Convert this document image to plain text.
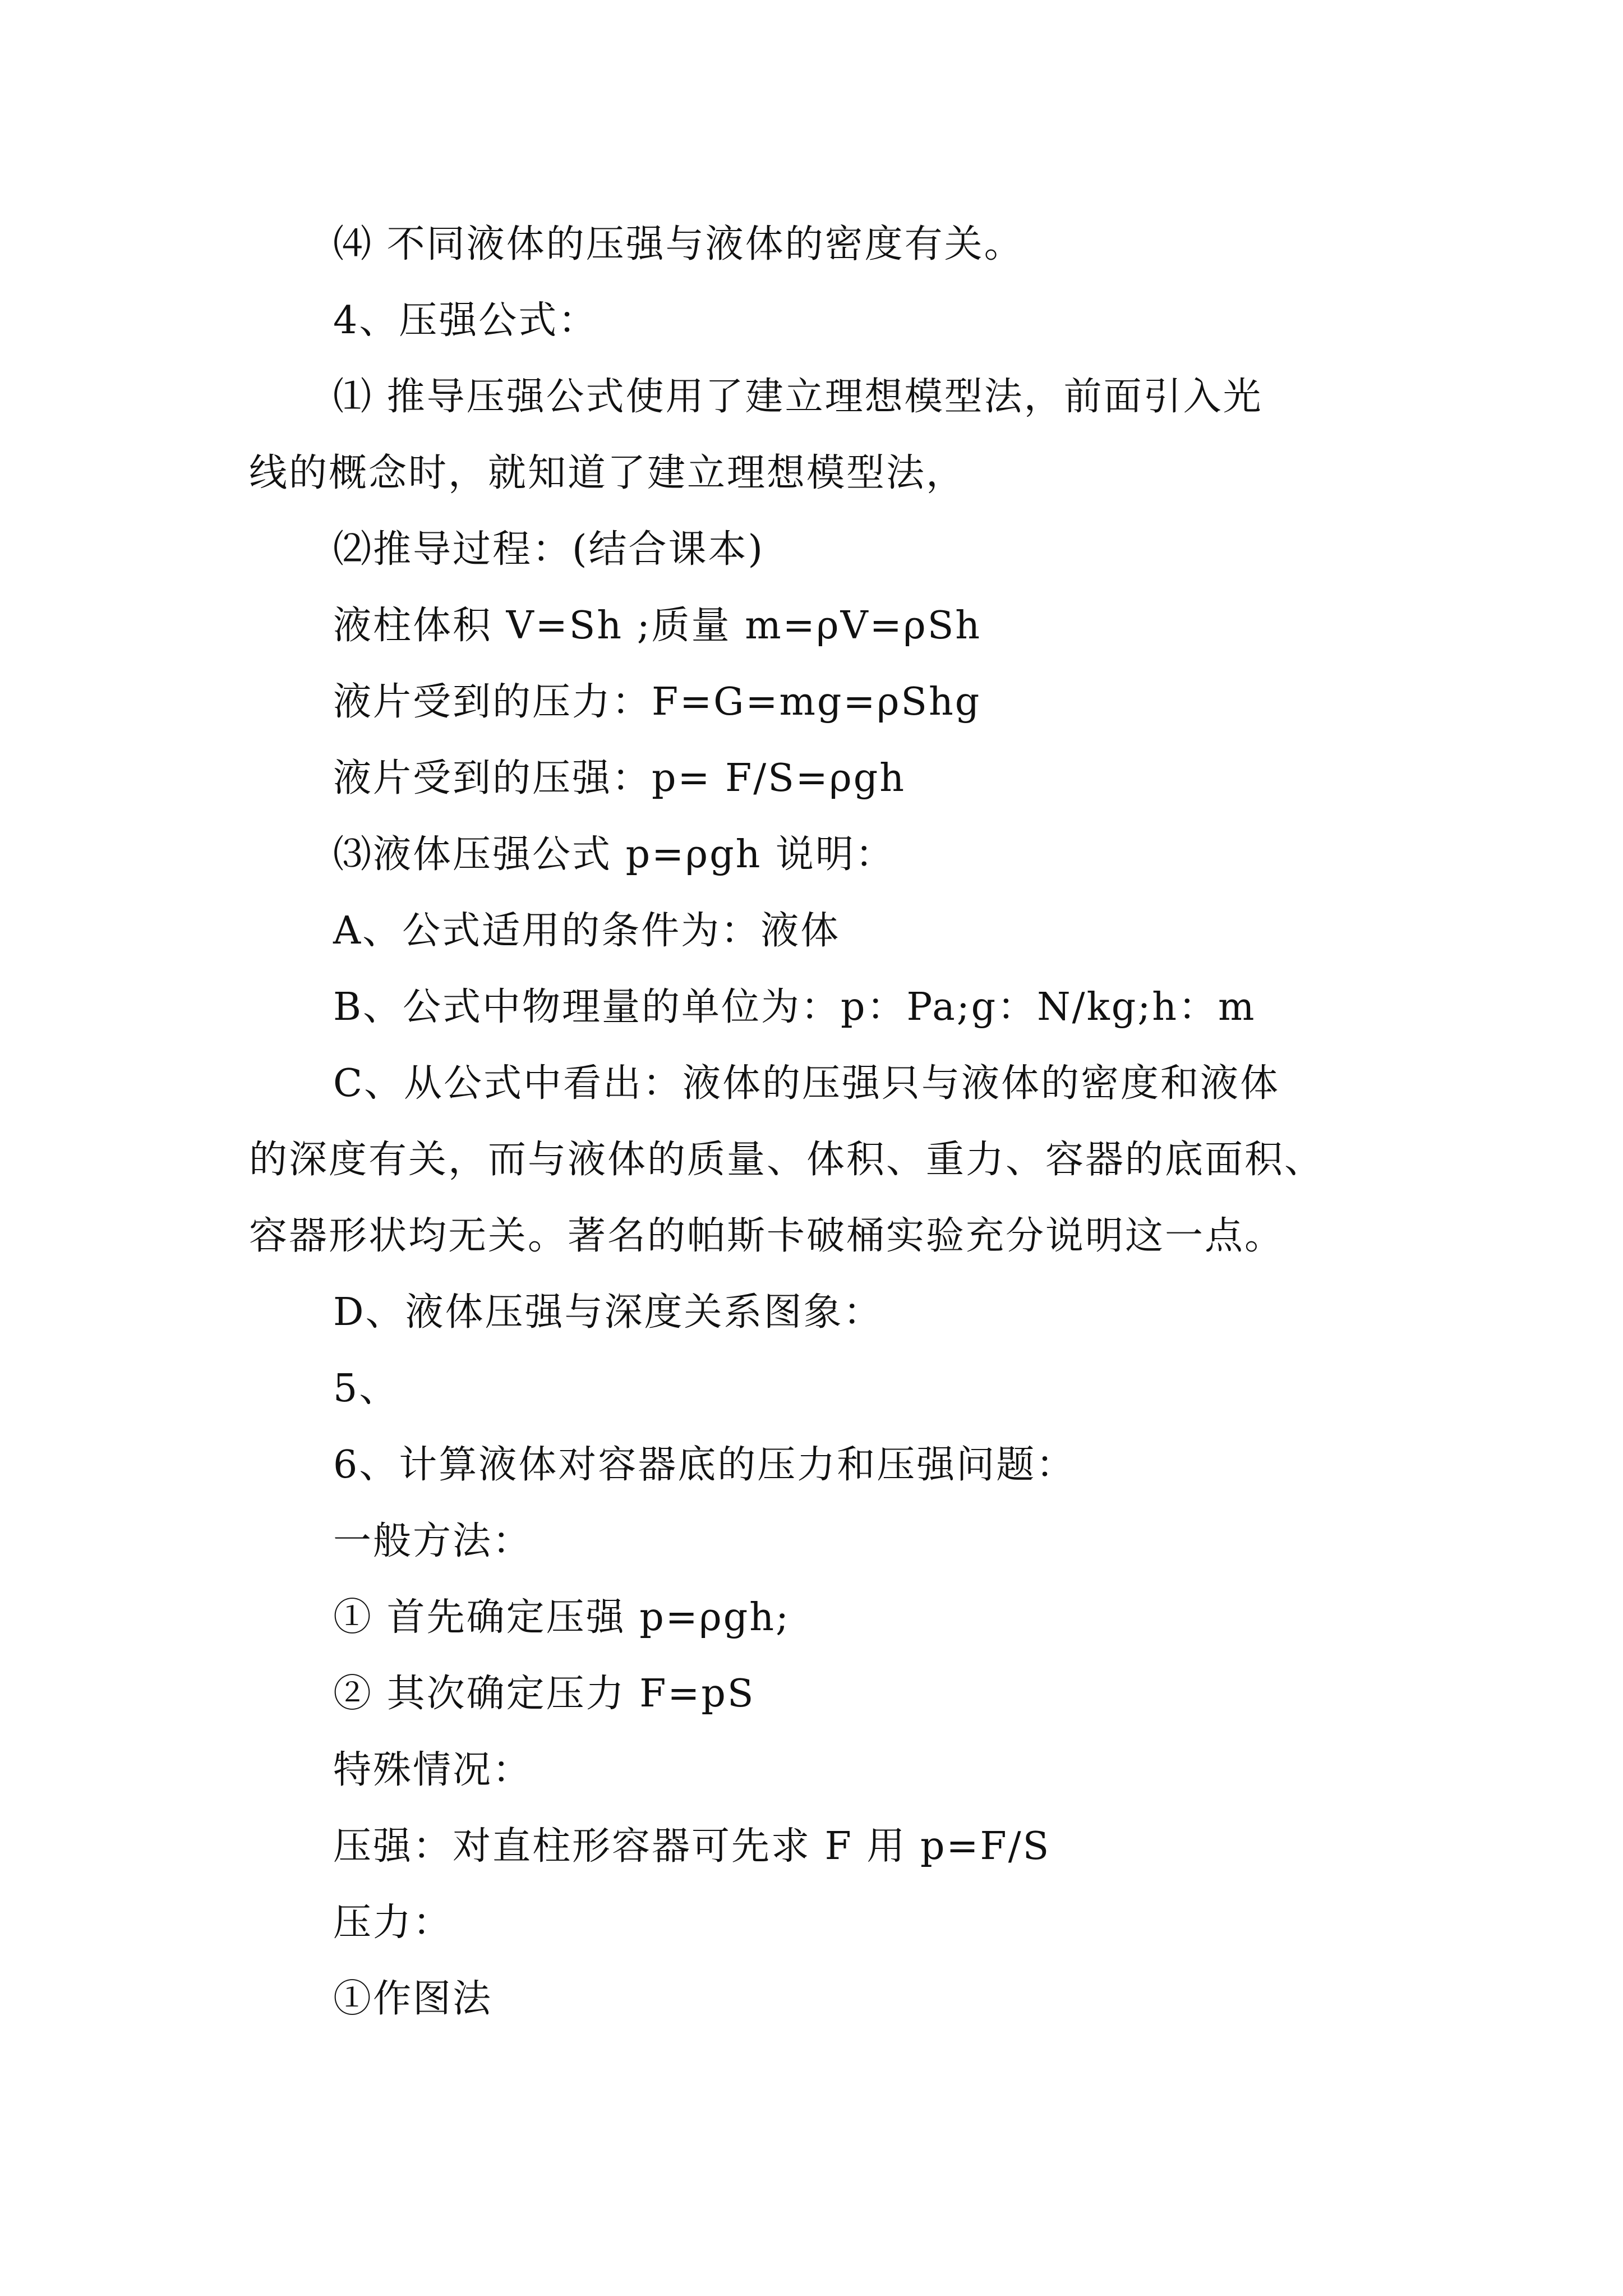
⑷ 不同液体的压强与液体的密度有关。
4、压强公式：
⑴ 推导压强公式使用了建立理想模型法，前面引入光
线的概念时，就知道了建立理想模型法，
⑵推导过程：(结合课本)
液柱体积 V=Sh ;质量 m=ρV=ρSh
液片受到的压力：F=G=mg=ρShg
液片受到的压强：p= F/S=ρgh
⑶液体压强公式 p=ρgh 说明：
A、公式适用的条件为：液体
B、公式中物理量的单位为：p：Pa;g：N/kg;h：m
C、从公式中看出：液体的压强只与液体的密度和液体
的深度有关，而与液体的质量、体积、重力、容器的底面积、
容器形状均无关。著名的帕斯卡破桶实验充分说明这一点。
D、液体压强与深度关系图象：
5、
6、计算液体对容器底的压力和压强问题：
一般方法：
① 首先确定压强 p=ρgh;
② 其次确定压力 F=pS
特殊情况：
压强：对直柱形容器可先求 F 用 p=F/S
压力：
①作图法
